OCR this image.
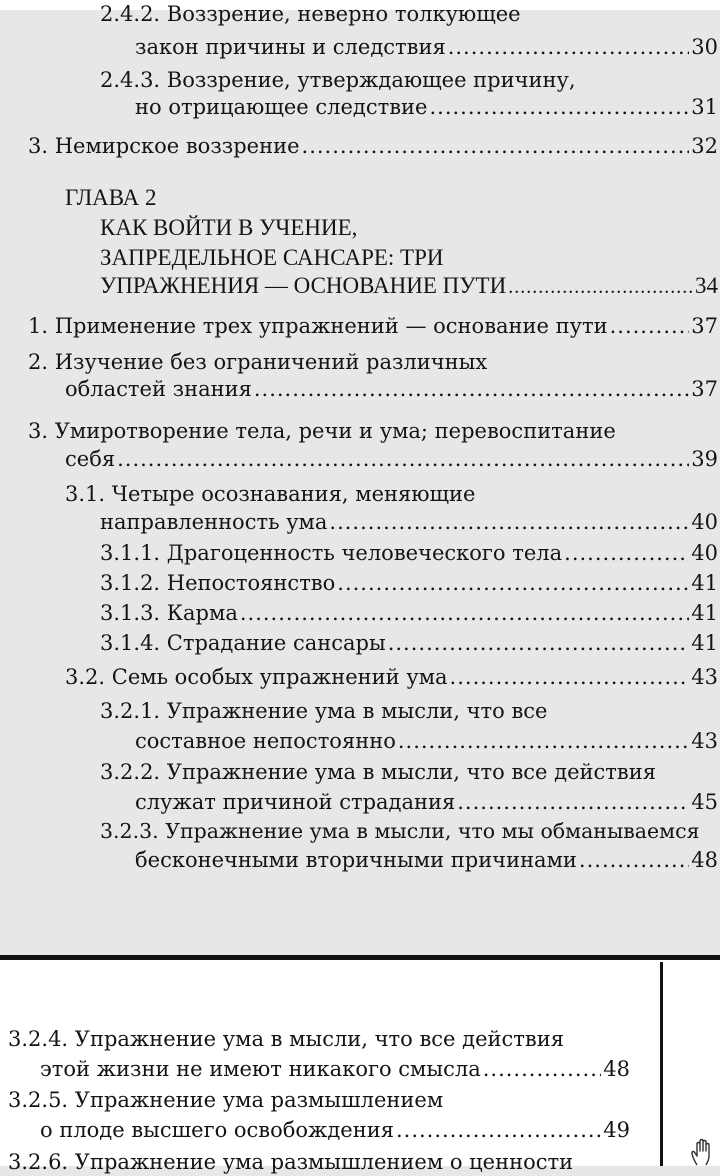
2.4.2. Воззрение, неверно толкующее
закон причины и следствия .....	30
2.4.3. Воззрение, утверждающее причину,
но отрицающее следствие .....	31
3. Немирское воззрение .....	32
ГЛАВА 2
КАК ВОЙТИ В УЧЕНИЕ,
ЗАПРЕДЕЛЬНОЕ САНСАРЕ: ТРИ
УПРАЖНЕНИЯ — ОСНОВАНИЕ ПУТИ .....	34
1. Применение трех упражнений — основание пути .....	37
2. Изучение без ограничений различных
областей знания .....	37
3. Умиротворение тела, речи и ума; перевоспитание
себя .....	39
3.1. Четыре осознавания, меняющие
направленность ума .....	40
3.1.1. Драгоценность человеческого тела .....	40
3.1.2. Непостоянство .....	41
3.1.3. Карма .....	41
3.1.4. Страдание сансары .....	41
3.2. Семь особых упражнений ума .....	43
3.2.1. Упражнение ума в мысли, что все
составное непостоянно .....	43
3.2.2. Упражнение ума в мысли, что все действия
служат причиной страдания .....	45
3.2.3. Упражнение ума в мысли, что мы обманываемся
бесконечными вторичными причинами .....	48
3.2.4. Упражнение ума в мысли, что все действия
этой жизни не имеют никакого смысла .....	48
3.2.5. Упражнение ума размышлением
о плоде высшего освобождения .....	49
3.2.6. Упражнение ума размышлением о ценности
